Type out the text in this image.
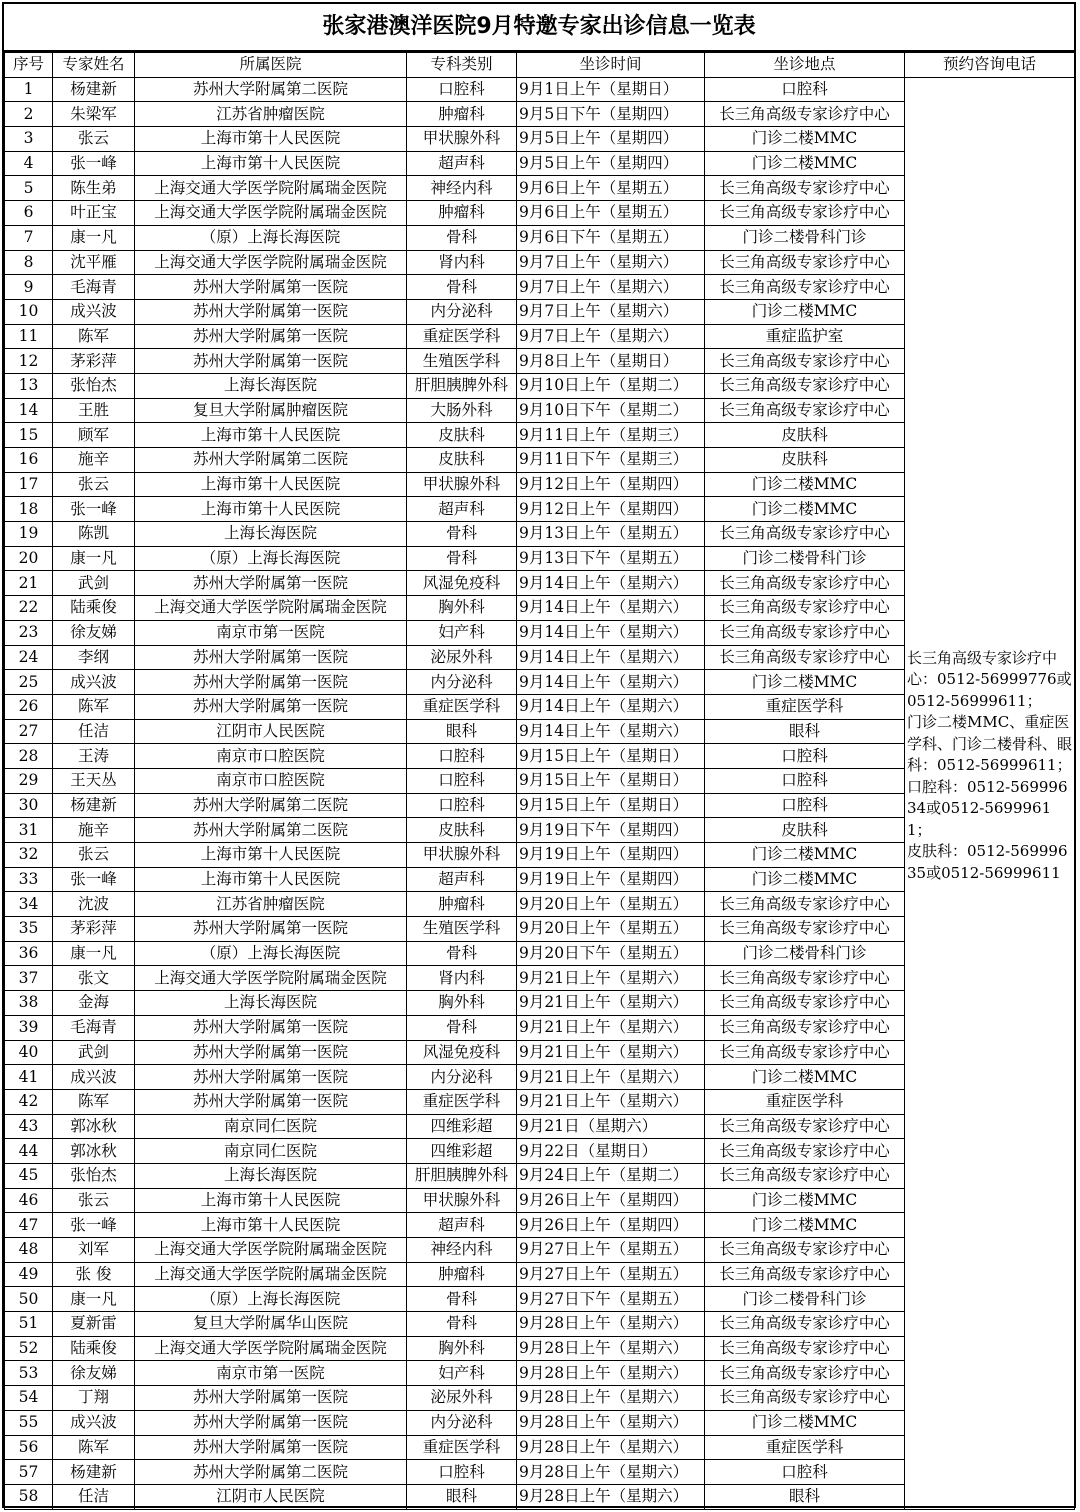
张家港澳洋医院9月特邀专家出诊信息一览表
序号	专家姓名	所属医院	专科类别	坐诊时间	坐诊地点	预约咨询电话
1	杨建新	苏州大学附属第二医院	口腔科	9月1日上午（星期日）	口腔科	长三角高级专家诊疗中心：0512-56999776或0512-56999611；
门诊二楼MMC、重症医学科、门诊二楼骨科、眼科：0512-56999611；
口腔科：0512-56999634或0512-56999611；
皮肤科：0512-56999635或0512-56999611

2	朱梁军	江苏省肿瘤医院	肿瘤科	9月5日下午（星期四）	长三角高级专家诊疗中心	
3	张云	上海市第十人民医院	甲状腺外科	9月5日上午（星期四）	门诊二楼MMC	
4	张一峰	上海市第十人民医院	超声科	9月5日上午（星期四）	门诊二楼MMC	
5	陈生弟	上海交通大学医学院附属瑞金医院	神经内科	9月6日上午（星期五）	长三角高级专家诊疗中心	
6	叶正宝	上海交通大学医学院附属瑞金医院	肿瘤科	9月6日上午（星期五）	长三角高级专家诊疗中心	
7	康一凡	（原）上海长海医院	骨科	9月6日下午（星期五）	门诊二楼骨科门诊	
8	沈平雁	上海交通大学医学院附属瑞金医院	肾内科	9月7日上午（星期六）	长三角高级专家诊疗中心	
9	毛海青	苏州大学附属第一医院	骨科	9月7日上午（星期六）	长三角高级专家诊疗中心	
10	成兴波	苏州大学附属第一医院	内分泌科	9月7日上午（星期六）	门诊二楼MMC	
11	陈军	苏州大学附属第一医院	重症医学科	9月7日上午（星期六）	重症监护室	
12	茅彩萍	苏州大学附属第一医院	生殖医学科	9月8日上午（星期日）	长三角高级专家诊疗中心	
13	张怡杰	上海长海医院	肝胆胰脾外科	9月10日上午（星期二）	长三角高级专家诊疗中心	
14	王胜	复旦大学附属肿瘤医院	大肠外科	9月10日下午（星期二）	长三角高级专家诊疗中心	
15	顾军	上海市第十人民医院	皮肤科	9月11日上午（星期三）	皮肤科	
16	施辛	苏州大学附属第二医院	皮肤科	9月11日下午（星期三）	皮肤科	
17	张云	上海市第十人民医院	甲状腺外科	9月12日上午（星期四）	门诊二楼MMC	
18	张一峰	上海市第十人民医院	超声科	9月12日上午（星期四）	门诊二楼MMC	
19	陈凯	上海长海医院	骨科	9月13日上午（星期五）	长三角高级专家诊疗中心	
20	康一凡	（原）上海长海医院	骨科	9月13日下午（星期五）	门诊二楼骨科门诊	
21	武剑	苏州大学附属第一医院	风湿免疫科	9月14日上午（星期六）	长三角高级专家诊疗中心	
22	陆乘俊	上海交通大学医学院附属瑞金医院	胸外科	9月14日上午（星期六）	长三角高级专家诊疗中心	
23	徐友娣	南京市第一医院	妇产科	9月14日上午（星期六）	长三角高级专家诊疗中心	
24	李纲	苏州大学附属第一医院	泌尿外科	9月14日上午（星期六）	长三角高级专家诊疗中心	
25	成兴波	苏州大学附属第一医院	内分泌科	9月14日上午（星期六）	门诊二楼MMC	
26	陈军	苏州大学附属第一医院	重症医学科	9月14日上午（星期六）	重症医学科	
27	任洁	江阴市人民医院	眼科	9月14日上午（星期六）	眼科	
28	王涛	南京市口腔医院	口腔科	9月15日上午（星期日）	口腔科	
29	王天丛	南京市口腔医院	口腔科	9月15日上午（星期日）	口腔科	
30	杨建新	苏州大学附属第二医院	口腔科	9月15日上午（星期日）	口腔科	
31	施辛	苏州大学附属第二医院	皮肤科	9月19日下午（星期四）	皮肤科	
32	张云	上海市第十人民医院	甲状腺外科	9月19日上午（星期四）	门诊二楼MMC	
33	张一峰	上海市第十人民医院	超声科	9月19日上午（星期四）	门诊二楼MMC	
34	沈波	江苏省肿瘤医院	肿瘤科	9月20日上午（星期五）	长三角高级专家诊疗中心	
35	茅彩萍	苏州大学附属第一医院	生殖医学科	9月20日上午（星期五）	长三角高级专家诊疗中心	
36	康一凡	（原）上海长海医院	骨科	9月20日下午（星期五）	门诊二楼骨科门诊	
37	张文	上海交通大学医学院附属瑞金医院	肾内科	9月21日上午（星期六）	长三角高级专家诊疗中心	
38	金海	上海长海医院	胸外科	9月21日上午（星期六）	长三角高级专家诊疗中心	
39	毛海青	苏州大学附属第一医院	骨科	9月21日上午（星期六）	长三角高级专家诊疗中心	
40	武剑	苏州大学附属第一医院	风湿免疫科	9月21日上午（星期六）	长三角高级专家诊疗中心	
41	成兴波	苏州大学附属第一医院	内分泌科	9月21日上午（星期六）	门诊二楼MMC	
42	陈军	苏州大学附属第一医院	重症医学科	9月21日上午（星期六）	重症医学科	
43	郭冰秋	南京同仁医院	四维彩超	9月21日（星期六）	长三角高级专家诊疗中心	
44	郭冰秋	南京同仁医院	四维彩超	9月22日（星期日）	长三角高级专家诊疗中心	
45	张怡杰	上海长海医院	肝胆胰脾外科	9月24日上午（星期二）	长三角高级专家诊疗中心	
46	张云	上海市第十人民医院	甲状腺外科	9月26日上午（星期四）	门诊二楼MMC	
47	张一峰	上海市第十人民医院	超声科	9月26日上午（星期四）	门诊二楼MMC	
48	刘军	上海交通大学医学院附属瑞金医院	神经内科	9月27日上午（星期五）	长三角高级专家诊疗中心	
49	张 俊	上海交通大学医学院附属瑞金医院	肿瘤科	9月27日上午（星期五）	长三角高级专家诊疗中心	
50	康一凡	（原）上海长海医院	骨科	9月27日下午（星期五）	门诊二楼骨科门诊	
51	夏新雷	复旦大学附属华山医院	骨科	9月28日上午（星期六）	长三角高级专家诊疗中心	
52	陆乘俊	上海交通大学医学院附属瑞金医院	胸外科	9月28日上午（星期六）	长三角高级专家诊疗中心	
53	徐友娣	南京市第一医院	妇产科	9月28日上午（星期六）	长三角高级专家诊疗中心	
54	丁翔	苏州大学附属第一医院	泌尿外科	9月28日上午（星期六）	长三角高级专家诊疗中心	
55	成兴波	苏州大学附属第一医院	内分泌科	9月28日上午（星期六）	门诊二楼MMC	
56	陈军	苏州大学附属第一医院	重症医学科	9月28日上午（星期六）	重症医学科	
57	杨建新	苏州大学附属第二医院	口腔科	9月28日上午（星期六）	口腔科	
58	任洁	江阴市人民医院	眼科	9月28日上午（星期六）	眼科	
